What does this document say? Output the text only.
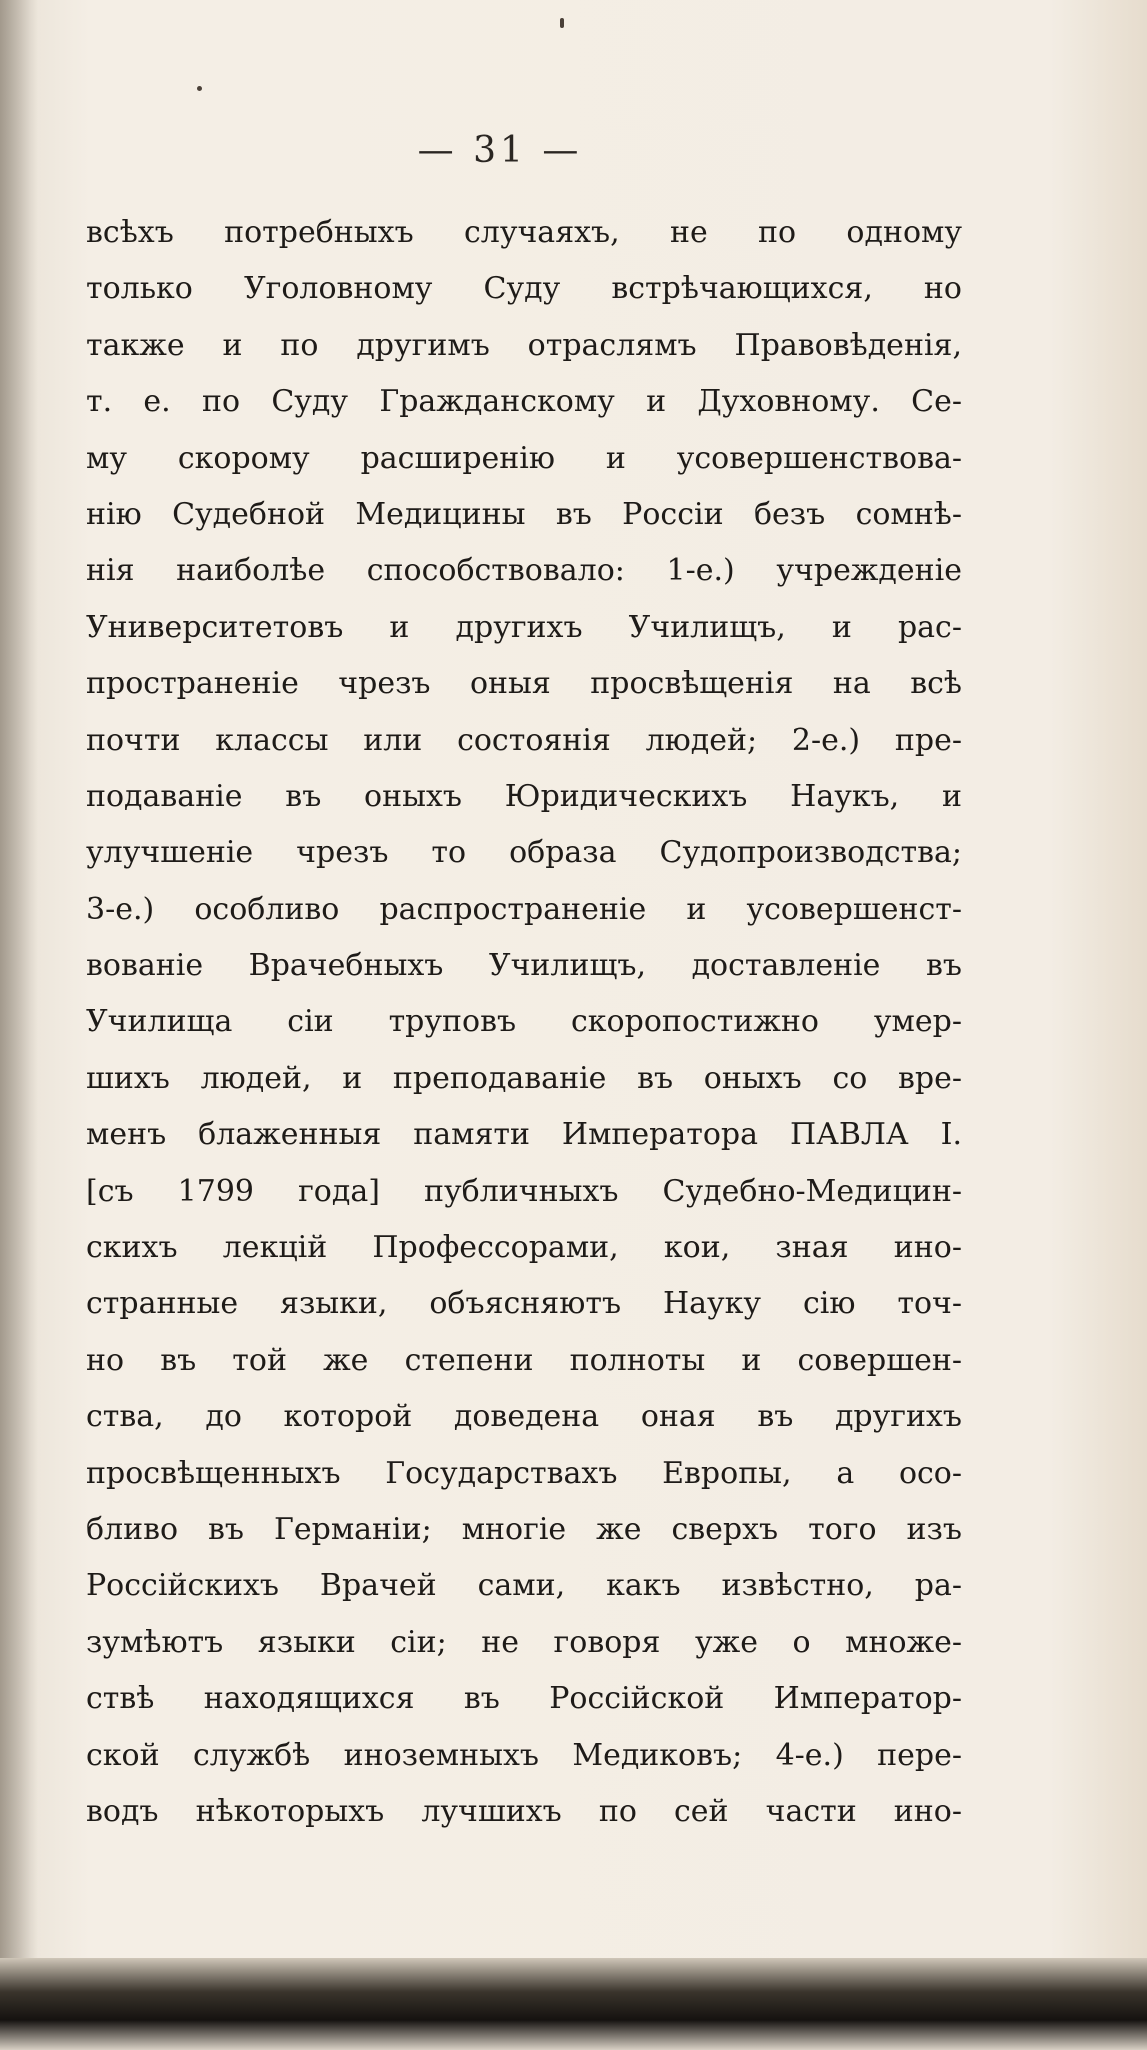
— 31 —
всѣхъ потребныхъ случаяхъ, не по одному
только Уголовному Суду встрѣчающихся, но
также и по другимъ отраслямъ Правовѣденія,
т. е. по Суду Гражданскому и Духовному. Се-
му скорому расширенію и усовершенствова-
нію Судебной Медицины въ Россіи безъ сомнѣ-
нія наиболѣе способствовало: 1-е.) учрежденіе
Университетовъ и другихъ Училищъ, и рас-
пространеніе чрезъ оныя просвѣщенія на всѣ
почти классы или состоянія людей; 2-е.) пре-
подаваніе въ оныхъ Юридическихъ Наукъ, и
улучшеніе чрезъ то образа Судопроизводства;
3-е.) особливо распространеніе и усовершенст-
вованіе Врачебныхъ Училищъ, доставленіе въ
Училища сіи труповъ скоропостижно умер-
шихъ людей, и преподаваніе въ оныхъ со вре-
менъ блаженныя памяти Императора ПАВЛА I.
[съ 1799 года] публичныхъ Судебно-Медицин-
скихъ лекцій Профессорами, кои, зная ино-
странные языки, объясняютъ Науку сію точ-
но въ той же степени полноты и совершен-
ства, до которой доведена оная въ другихъ
просвѣщенныхъ Государствахъ Европы, а осо-
бливо въ Германіи; многіе же сверхъ того изъ
Россійскихъ Врачей сами, какъ извѣстно, ра-
зумѣютъ языки сіи; не говоря уже о множе-
ствѣ находящихся въ Россійской Император-
ской службѣ иноземныхъ Медиковъ; 4-е.) пере-
водъ нѣкоторыхъ лучшихъ по сей части ино-
